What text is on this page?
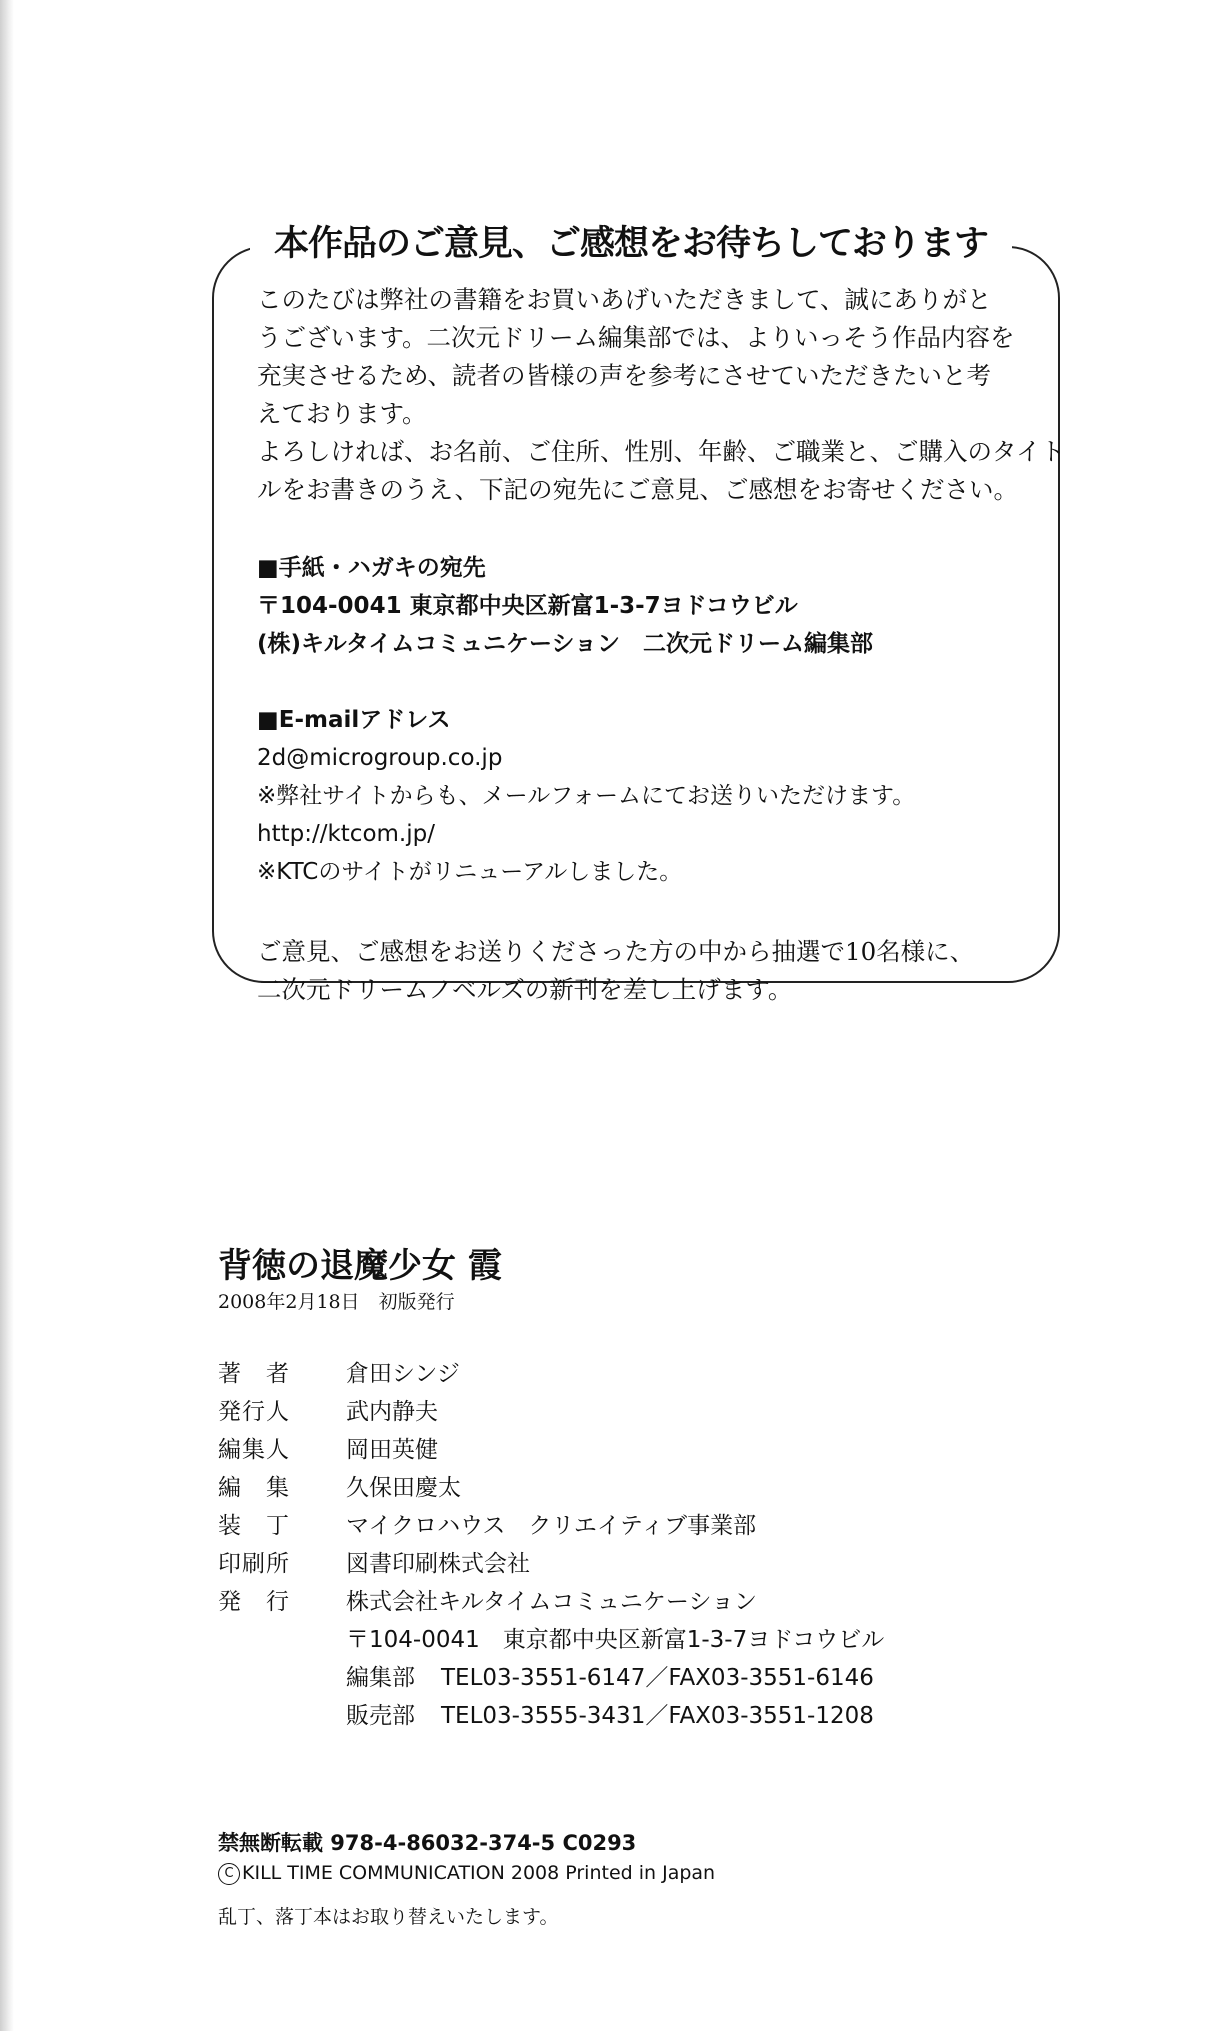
本作品のご意見、ご感想をお待ちしております

このたびは弊社の書籍をお買いあげいただきまして、誠にありがと

うございます。二次元ドリーム編集部では、よりいっそう作品内容を

充実させるため、読者の皆様の声を参考にさせていただきたいと考

えております。

よろしければ、お名前、ご住所、性別、年齢、ご職業と、ご購入のタイト

ルをお書きのうえ、下記の宛先にご意見、ご感想をお寄せください。

■手紙・ハガキの宛先

〒104-0041 東京都中央区新富1-3-7ヨドコウビル

(株)キルタイムコミュニケーション　二次元ドリーム編集部

■E-mailアドレス

2d@microgroup.co.jp

※弊社サイトからも、メールフォームにてお送りいただけます。

http://ktcom.jp/

※KTCのサイトがリニューアルしました。

ご意見、ご感想をお送りくださった方の中から抽選で10名様に、

二次元ドリームノベルズの新刊を差し上げます。

背徳の退魔少女 霞
2008年2月18日　初版発行
著　者	倉田シンジ
発行人	武内静夫
編集人	岡田英健
編　集	久保田慶太
装　丁	マイクロハウス　クリエイティブ事業部
印刷所	図書印刷株式会社
発　行	株式会社キルタイムコミュニケーション
〒104-0041　東京都中央区新富1-3-7ヨドコウビル
編集部	TEL03-3551-6147／FAX03-3551-6146
販売部	TEL03-3555-3431／FAX03-3551-1208
禁無断転載 978-4-86032-374-5 C0293
C KILL TIME COMMUNICATION 2008 Printed in Japan
乱丁、落丁本はお取り替えいたします。
